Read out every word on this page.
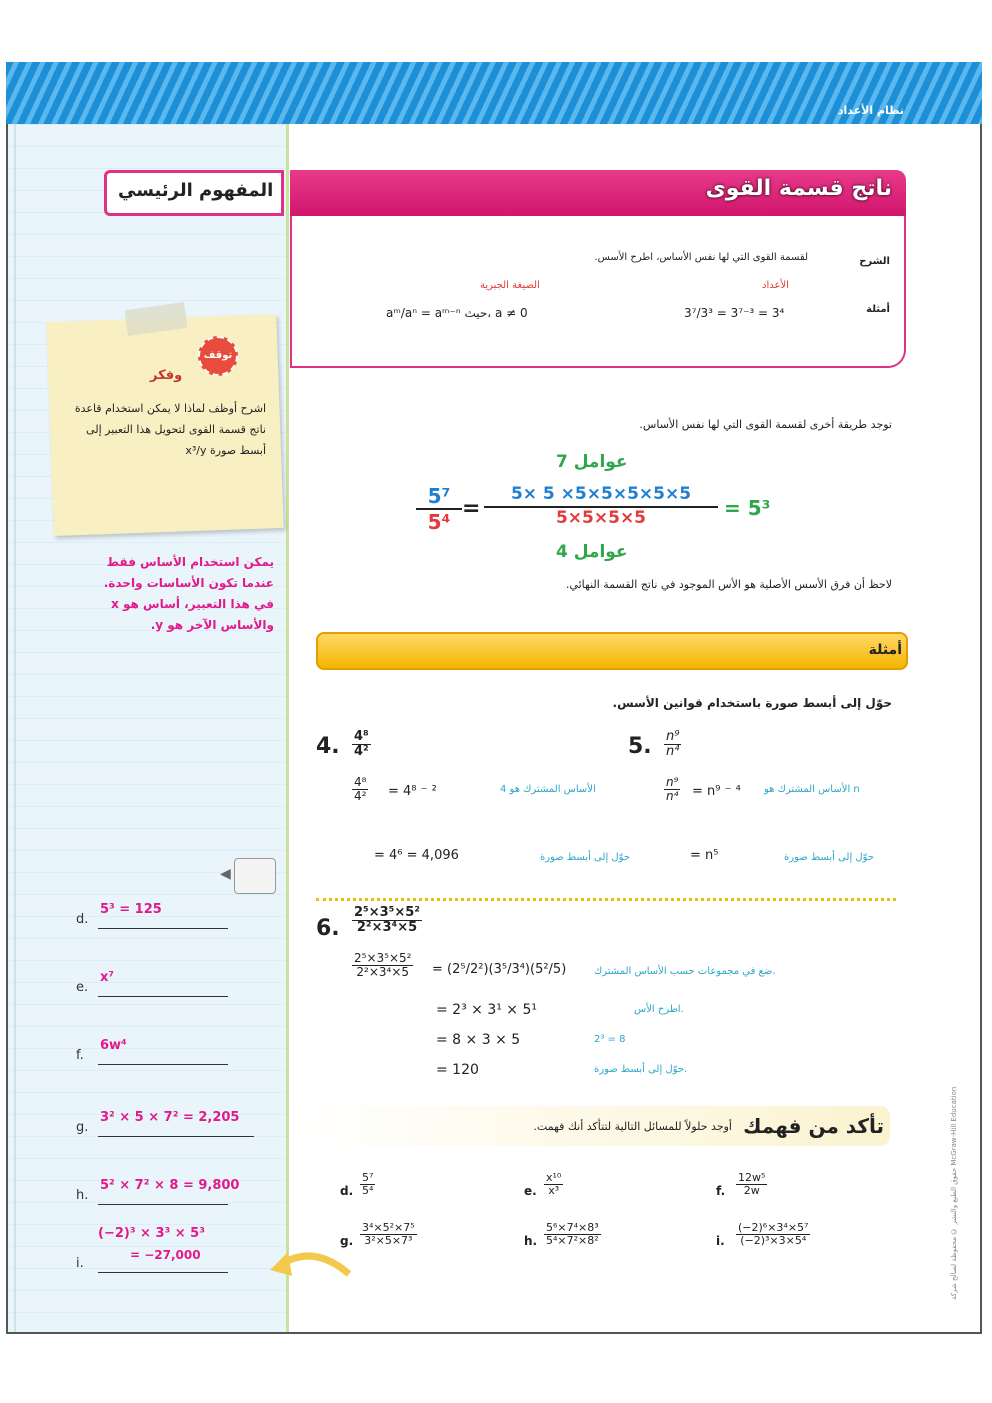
نظام الأعداد
ناتج قسمة القوى
المفهوم الرئيسي
الشرح
لقسمة القوى التي لها نفس الأساس، اطرح الأسس.
أمثلة
الأعداد
الصيغة الجبرية
3⁷/3³ = 3⁷⁻³ = 3⁴
aᵐ/aⁿ = aᵐ⁻ⁿ حيث، a ≠ 0
توقف
وفكر
اشرح أوظف لماذا لا يمكن استخدام قاعدة ناتج قسمة القوى لتحويل هذا التعبير إلى أبسط صورة x³/y
يمكن استخدام الأساس فقط عندما تكون الأساسات واحدة. في هذا التعبير، أساس هو x والأساس الآخر هو y.
◀
d.
5³ = 125
e.
x⁷
f.
6w⁴
g.
3² × 5 × 7² = 2,205
h.
5² × 7² × 8 = 9,800
i.
(−2)³ × 3³ × 5³
= −27,000
توجد طريقة أخرى لقسمة القوى التي لها نفس الأساس.
7 عوامل
4 عوامل
$\frac{\text{5⁷}}{\text{5⁴}} = \frac{5\times 5 \times 5\times 5\times 5\times 5\times 5}{5\times 5\times 5\times 5} = 5^3$
لاحظ أن فرق الأسس الأصلية هو الأس الموجود في ناتج القسمة النهائي.
أمثلة
حوّل إلى أبسط صورة باستخدام قوانين الأسس.
4. $\frac{\text{4⁸}}{\text{4²}}$
$\frac{\text{4⁸}}{\text{4²}} = 4^8$ ⁻ ²	الأساس المشترك هو 4
= 4⁶ = 4,096	حوّل إلى أبسط صورة
5. $\frac{\text{n⁹}}{\text{n⁴}}$
$\frac{\text{n⁹}}{\text{n⁴}} = n^9$ ⁻ ⁴ الأساس المشترك هو n
= n⁵	حوّل إلى أبسط صورة
6. $\frac{\text{2⁵×3⁵×5²}}{\text{2²×3⁴×5}}$
$\frac{\text{2⁵×3⁵×5²}}{\text{2²×3⁴×5}} = (2^5/2^2)(3^5/3^4)(5^2/5)$	ضع في مجموعات حسب الأساس المشترك.
= 2³ × 3¹ × 5¹	اطرح الأس.
= 8 × 3 × 5	2³ = 8
= 120	حوّل إلى أبسط صورة.
تأكد من فهمك
أوجد حلولاً للمسائل التالية لتتأكد أنك فهمت.
d. $\frac{\text{5⁷}}{\text{5⁴}}$	e. $\frac{\text{x¹⁰}}{\text{x³}}$	f. $\frac{\text{12w⁵}}{2w}$
g. $\frac{\text{3⁴×5²×7⁵}}{\text{3²×5×7³}}$	h. $\frac{\text{5⁶×7⁴×8³}}{\text{5⁴×7²×8²}}$	i. $\frac{\text{(−2)⁶×3⁴×5⁷}}{\text{(−2)³×3×5⁴}}$	حقوق الطبع والنشر © محفوظة لصالح شركة McGraw-Hill Education
